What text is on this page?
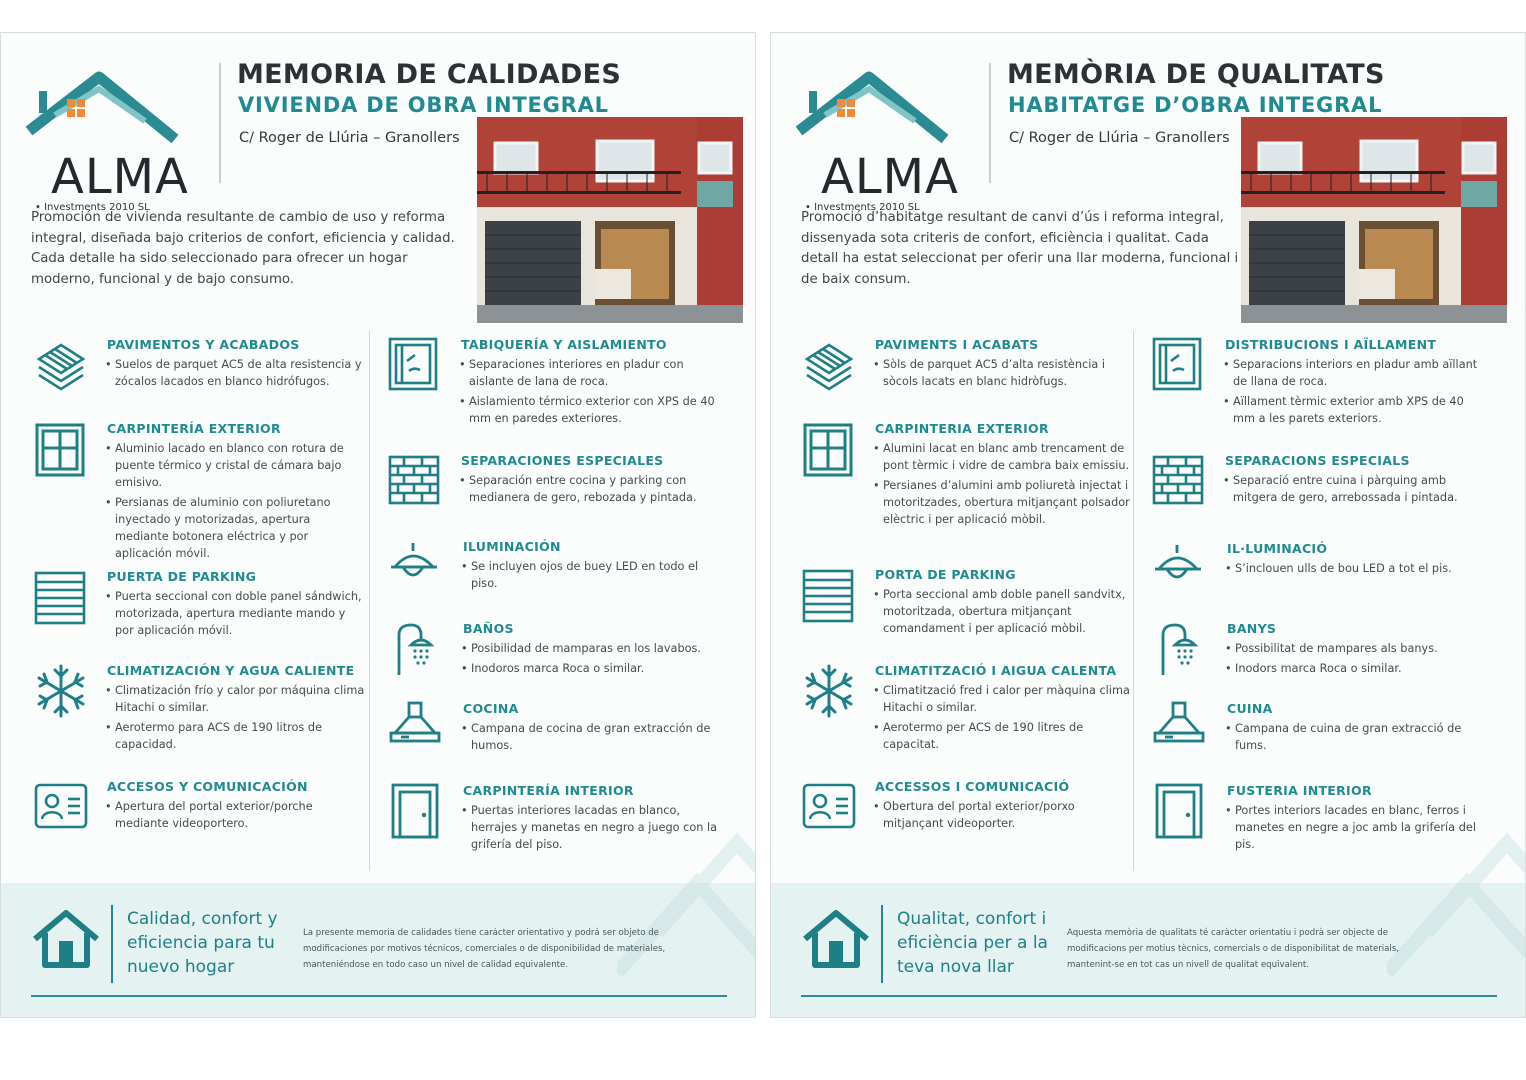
ALMA
• Investments 2010 SL
MEMORIA DE CALIDADES
VIVIENDA DE OBRA INTEGRAL
C/ Roger de Llúria – Granollers
Promoción de vivienda resultante de cambio de uso y reforma integral, diseñada bajo criterios de confort, eficiencia y calidad. Cada detalle ha sido seleccionado para ofrecer un hogar moderno, funcional y de bajo consumo.
PAVIMENTOS Y ACABADOS
• Suelos de parquet AC5 de alta resistencia y zócalos lacados en blanco hidrófugos.
CARPINTERÍA EXTERIOR
• Aluminio lacado en blanco con rotura de puente térmico y cristal de cámara bajo emisivo.
• Persianas de aluminio con poliuretano inyectado y motorizadas, apertura mediante botonera eléctrica y por aplicación móvil.
PUERTA DE PARKING
• Puerta seccional con doble panel sándwich, motorizada, apertura mediante mando y por aplicación móvil.
CLIMATIZACIÓN Y AGUA CALIENTE
• Climatización frío y calor por máquina clima Hitachi o similar.
• Aerotermo para ACS de 190 litros de capacidad.
ACCESOS Y COMUNICACIÓN
• Apertura del portal exterior/porche mediante videoportero.
TABIQUERÍA Y AISLAMIENTO
• Separaciones interiores en pladur con aislante de lana de roca.
• Aislamiento térmico exterior con XPS de 40 mm en paredes exteriores.
SEPARACIONES ESPECIALES
• Separación entre cocina y parking con medianera de gero, rebozada y pintada.
ILUMINACIÓN
• Se incluyen ojos de buey LED en todo el piso.
BAÑOS
• Posibilidad de mamparas en los lavabos.
• Inodoros marca Roca o similar.
COCINA
• Campana de cocina de gran extracción de humos.
CARPINTERÍA INTERIOR
• Puertas interiores lacadas en blanco, herrajes y manetas en negro a juego con la grifería del piso.
Calidad, confort y eficiencia para tu nuevo hogar
La presente memoria de calidades tiene carácter orientativo y podrá ser objeto de modificaciones por motivos técnicos, comerciales o de disponibilidad de materiales, manteniéndose en todo caso un nivel de calidad equivalente.
ALMA
• Investments 2010 SL
MEMÒRIA DE QUALITATS
HABITATGE D’OBRA INTEGRAL
C/ Roger de Llúria – Granollers
Promoció d’habitatge resultant de canvi d’ús i reforma integral, dissenyada sota criteris de confort, eficiència i qualitat. Cada detall ha estat seleccionat per oferir una llar moderna, funcional i de baix consum.
PAVIMENTS I ACABATS
• Sòls de parquet AC5 d’alta resistència i sòcols lacats en blanc hidròfugs.
CARPINTERIA EXTERIOR
• Alumini lacat en blanc amb trencament de pont tèrmic i vidre de cambra baix emissiu.
• Persianes d’alumini amb poliuretà injectat i motoritzades, obertura mitjançant polsador elèctric i per aplicació mòbil.
PORTA DE PARKING
• Porta seccional amb doble panell sandvitx, motoritzada, obertura mitjançant comandament i per aplicació mòbil.
CLIMATITZACIÓ I AIGUA CALENTA
• Climatització fred i calor per màquina clima Hitachi o similar.
• Aerotermo per ACS de 190 litres de capacitat.
ACCESSOS I COMUNICACIÓ
• Obertura del portal exterior/porxo mitjançant videoporter.
DISTRIBUCIONS I AÏLLAMENT
• Separacions interiors en pladur amb aïllant de llana de roca.
• Aïllament tèrmic exterior amb XPS de 40 mm a les parets exteriors.
SEPARACIONS ESPECIALS
• Separació entre cuina i pàrquing amb mitgera de gero, arrebossada i pintada.
IL·LUMINACIÓ
• S’inclouen ulls de bou LED a tot el pis.
BANYS
• Possibilitat de mampares als banys.
• Inodors marca Roca o similar.
CUINA
• Campana de cuina de gran extracció de fums.
FUSTERIA INTERIOR
• Portes interiors lacades en blanc, ferros i manetes en negre a joc amb la grifería del pis.
Qualitat, confort i eficiència per a la teva nova llar
Aquesta memòria de qualitats té caràcter orientatiu i podrà ser objecte de modificacions per motius tècnics, comercials o de disponibilitat de materials, mantenint-se en tot cas un nivell de qualitat equivalent.
